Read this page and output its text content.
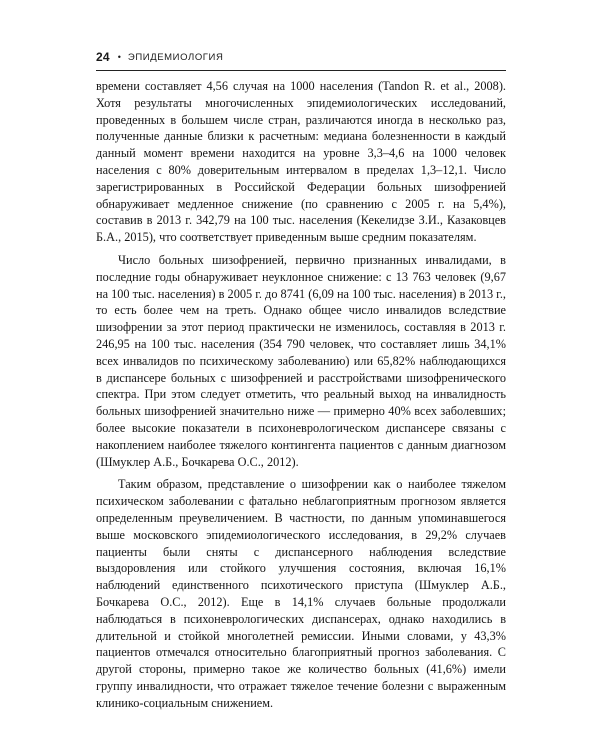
24 • ЭПИДЕМИОЛОГИЯ

времени составляет 4,56 случая на 1000 населения (Tandon R. et al., 2008). Хотя результаты многочисленных эпидемиологических исследований, проведенных в большем числе стран, различаются иногда в несколько раз, полученные данные близки к расчетным: медиана болезненности в каждый данный момент времени находится на уровне 3,3–4,6 на 1000 человек населения с 80% доверительным интервалом в пределах 1,3–12,1. Число зарегистрированных в Российской Федерации больных шизофренией обнаруживает медленное снижение (по сравнению с 2005 г. на 5,4%), составив в 2013 г. 342,79 на 100 тыс. населения (Кекелидзе З.И., Казаковцев Б.А., 2015), что соответствует приведенным выше средним показателям.

Число больных шизофренией, первично признанных инвалидами, в последние годы обнаруживает неуклонное снижение: с 13 763 человек (9,67 на 100 тыс. населения) в 2005 г. до 8741 (6,09 на 100 тыс. населения) в 2013 г., то есть более чем на треть. Однако общее число инвалидов вследствие шизофрении за этот период практически не изменилось, составляя в 2013 г. 246,95 на 100 тыс. населения (354 790 человек, что составляет лишь 34,1% всех инвалидов по психическому заболеванию) или 65,82% наблюдающихся в диспансере больных с шизофренией и расстройствами шизофренического спектра. При этом следует отметить, что реальный выход на инвалидность больных шизофренией значительно ниже — примерно 40% всех заболевших; более высокие показатели в психоневрологическом диспансере связаны с накоплением наиболее тяжелого контингента пациентов с данным диагнозом (Шмуклер А.Б., Бочкарева О.С., 2012).

Таким образом, представление о шизофрении как о наиболее тяжелом психическом заболевании с фатально неблагоприятным прогнозом является определенным преувеличением. В частности, по данным упоминавшегося выше московского эпидемиологического исследования, в 29,2% случаев пациенты были сняты с диспансерного наблюдения вследствие выздоровления или стойкого улучшения состояния, включая 16,1% наблюдений единственного психотического приступа (Шмуклер А.Б., Бочкарева О.С., 2012). Еще в 14,1% случаев больные продолжали наблюдаться в психоневрологических диспансерах, однако находились в длительной и стойкой многолетней ремиссии. Иными словами, у 43,3% пациентов отмечался относительно благоприятный прогноз заболевания. С другой стороны, примерно такое же количество больных (41,6%) имели группу инвалидности, что отражает тяжелое течение болезни с выраженным клинико-социальным снижением.
